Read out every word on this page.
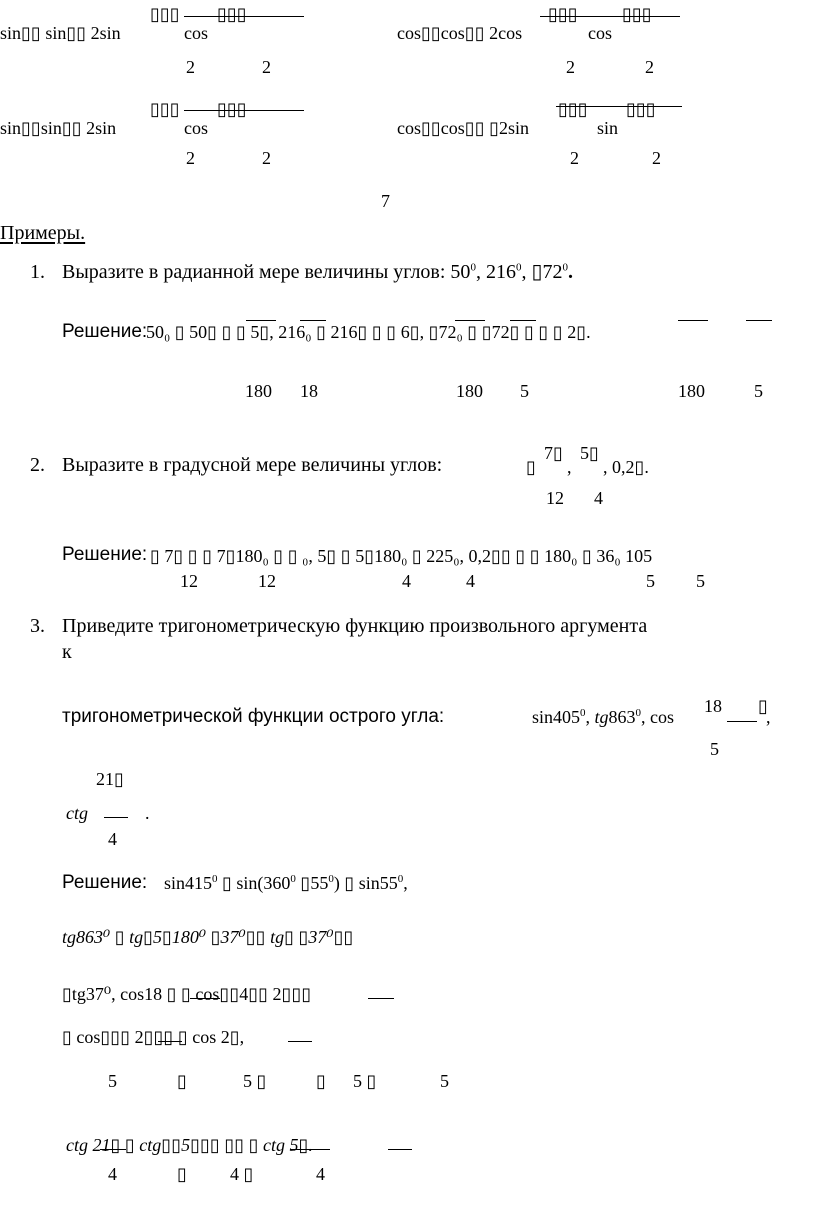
sin▯▯ sin▯▯ 2sin
▯▯▯
cos
▯▯▯
2	2
cos▯▯cos▯▯ 2cos
▯▯▯
cos
▯▯▯
2	2
sin▯▯sin▯▯ 2sin
▯▯▯
cos
▯▯▯
2	2
cos▯▯cos▯▯ ▯2sin
▯▯▯
sin
▯▯▯
2	2
7
Примеры.
1. Выразите в радианной мере величины углов: $50^0$, $216^0$, $▯72^0$.
Решение:
50₀ ▯ 50▯ ▯ ▯ 5▯, 216₀ ▯ 216▯ ▯ ▯ 6▯, ▯72₀ ▯ ▯72▯ ▯ ▯ ▯ 2▯.
180 18	180 5	180	5
2. Выразите в градусной мере величины углов:	▯
7▯
,
5▯
, 0,2▯.
12 4
Решение: ▯ 7▯ ▯ ▯ 7▯180₀ ▯ ▯ ₀, 5▯ ▯ 5▯180₀ ▯ 225₀, 0,2▯▯ ▯ ▯ 180₀ ▯ 36₀ 105
12	12	4	4	5 5
3. Приведите тригонометрическую функцию произвольного аргумента
к
тригонометрической функции острого угла:	$\sin 405^0$, $tg863^0$, cos
18 ▯
,
5
21▯
ctg	.
4
Решение: $\sin 415^0$ ▯ $\sin(360^0$ $▯55^0$) ▯ $\sin 55^0$,
tg863⁰ ▯ tg▯5▯180⁰ ▯37⁰▯▯ tg▯ ▯37⁰▯▯
▯tg37⁰, cos18 ▯ ▯ cos▯▯4▯▯ 2▯▯▯
▯ cos▯▯▯ 2▯▯▯ ▯ cos 2▯,
5	▯	5 ▯	▯ 5 ▯	5
ctg 21▯ ▯ ctg▯▯5▯▯▯ ▯▯ ▯ ctg 5▯.
4	▯ 4 ▯	4
